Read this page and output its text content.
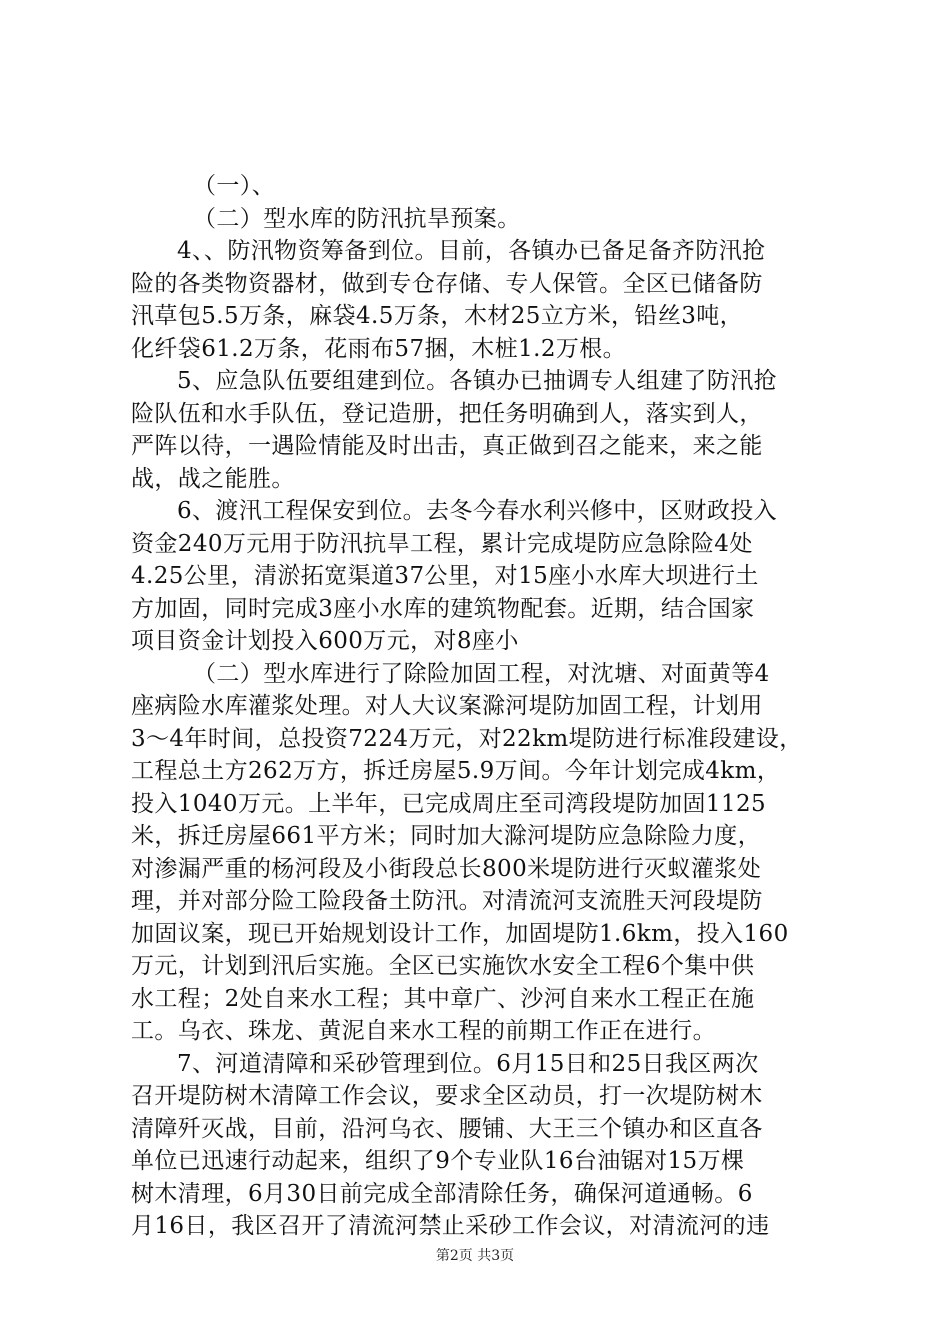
（一）、
（二）型水库的防汛抗旱预案。
4、、防汛物资筹备到位。目前，各镇办已备足备齐防汛抢
险的各类物资器材，做到专仓存储、专人保管。全区已储备防
汛草包5.5万条，麻袋4.5万条，木材25立方米，铅丝3吨，
化纤袋61.2万条，花雨布57捆，木桩1.2万根。
5、应急队伍要组建到位。各镇办已抽调专人组建了防汛抢
险队伍和水手队伍，登记造册，把任务明确到人，落实到人，
严阵以待，一遇险情能及时出击，真正做到召之能来，来之能
战，战之能胜。
6、渡汛工程保安到位。去冬今春水利兴修中，区财政投入
资金240万元用于防汛抗旱工程，累计完成堤防应急除险4处
4.25公里，清淤拓宽渠道37公里，对15座小水库大坝进行土
方加固，同时完成3座小水库的建筑物配套。近期，结合国家
项目资金计划投入600万元，对8座小
（二）型水库进行了除险加固工程，对沈塘、对面黄等4
座病险水库灌浆处理。对人大议案滁河堤防加固工程，计划用
3～4年时间，总投资7224万元，对22km堤防进行标准段建设，
工程总土方262万方，拆迁房屋5.9万间。今年计划完成4km，
投入1040万元。上半年，已完成周庄至司湾段堤防加固1125
米，拆迁房屋661平方米；同时加大滁河堤防应急除险力度，
对渗漏严重的杨河段及小街段总长800米堤防进行灭蚁灌浆处
理，并对部分险工险段备土防汛。对清流河支流胜天河段堤防
加固议案，现已开始规划设计工作，加固堤防1.6km，投入160
万元，计划到汛后实施。全区已实施饮水安全工程6个集中供
水工程；2处自来水工程；其中章广、沙河自来水工程正在施
工。乌衣、珠龙、黄泥自来水工程的前期工作正在进行。
7、河道清障和采砂管理到位。6月15日和25日我区两次
召开堤防树木清障工作会议，要求全区动员，打一次堤防树木
清障歼灭战，目前，沿河乌衣、腰铺、大王三个镇办和区直各
单位已迅速行动起来，组织了9个专业队16台油锯对15万棵
树木清理，6月30日前完成全部清除任务，确保河道通畅。6
月16日，我区召开了清流河禁止采砂工作会议，对清流河的违
第2页 共3页
